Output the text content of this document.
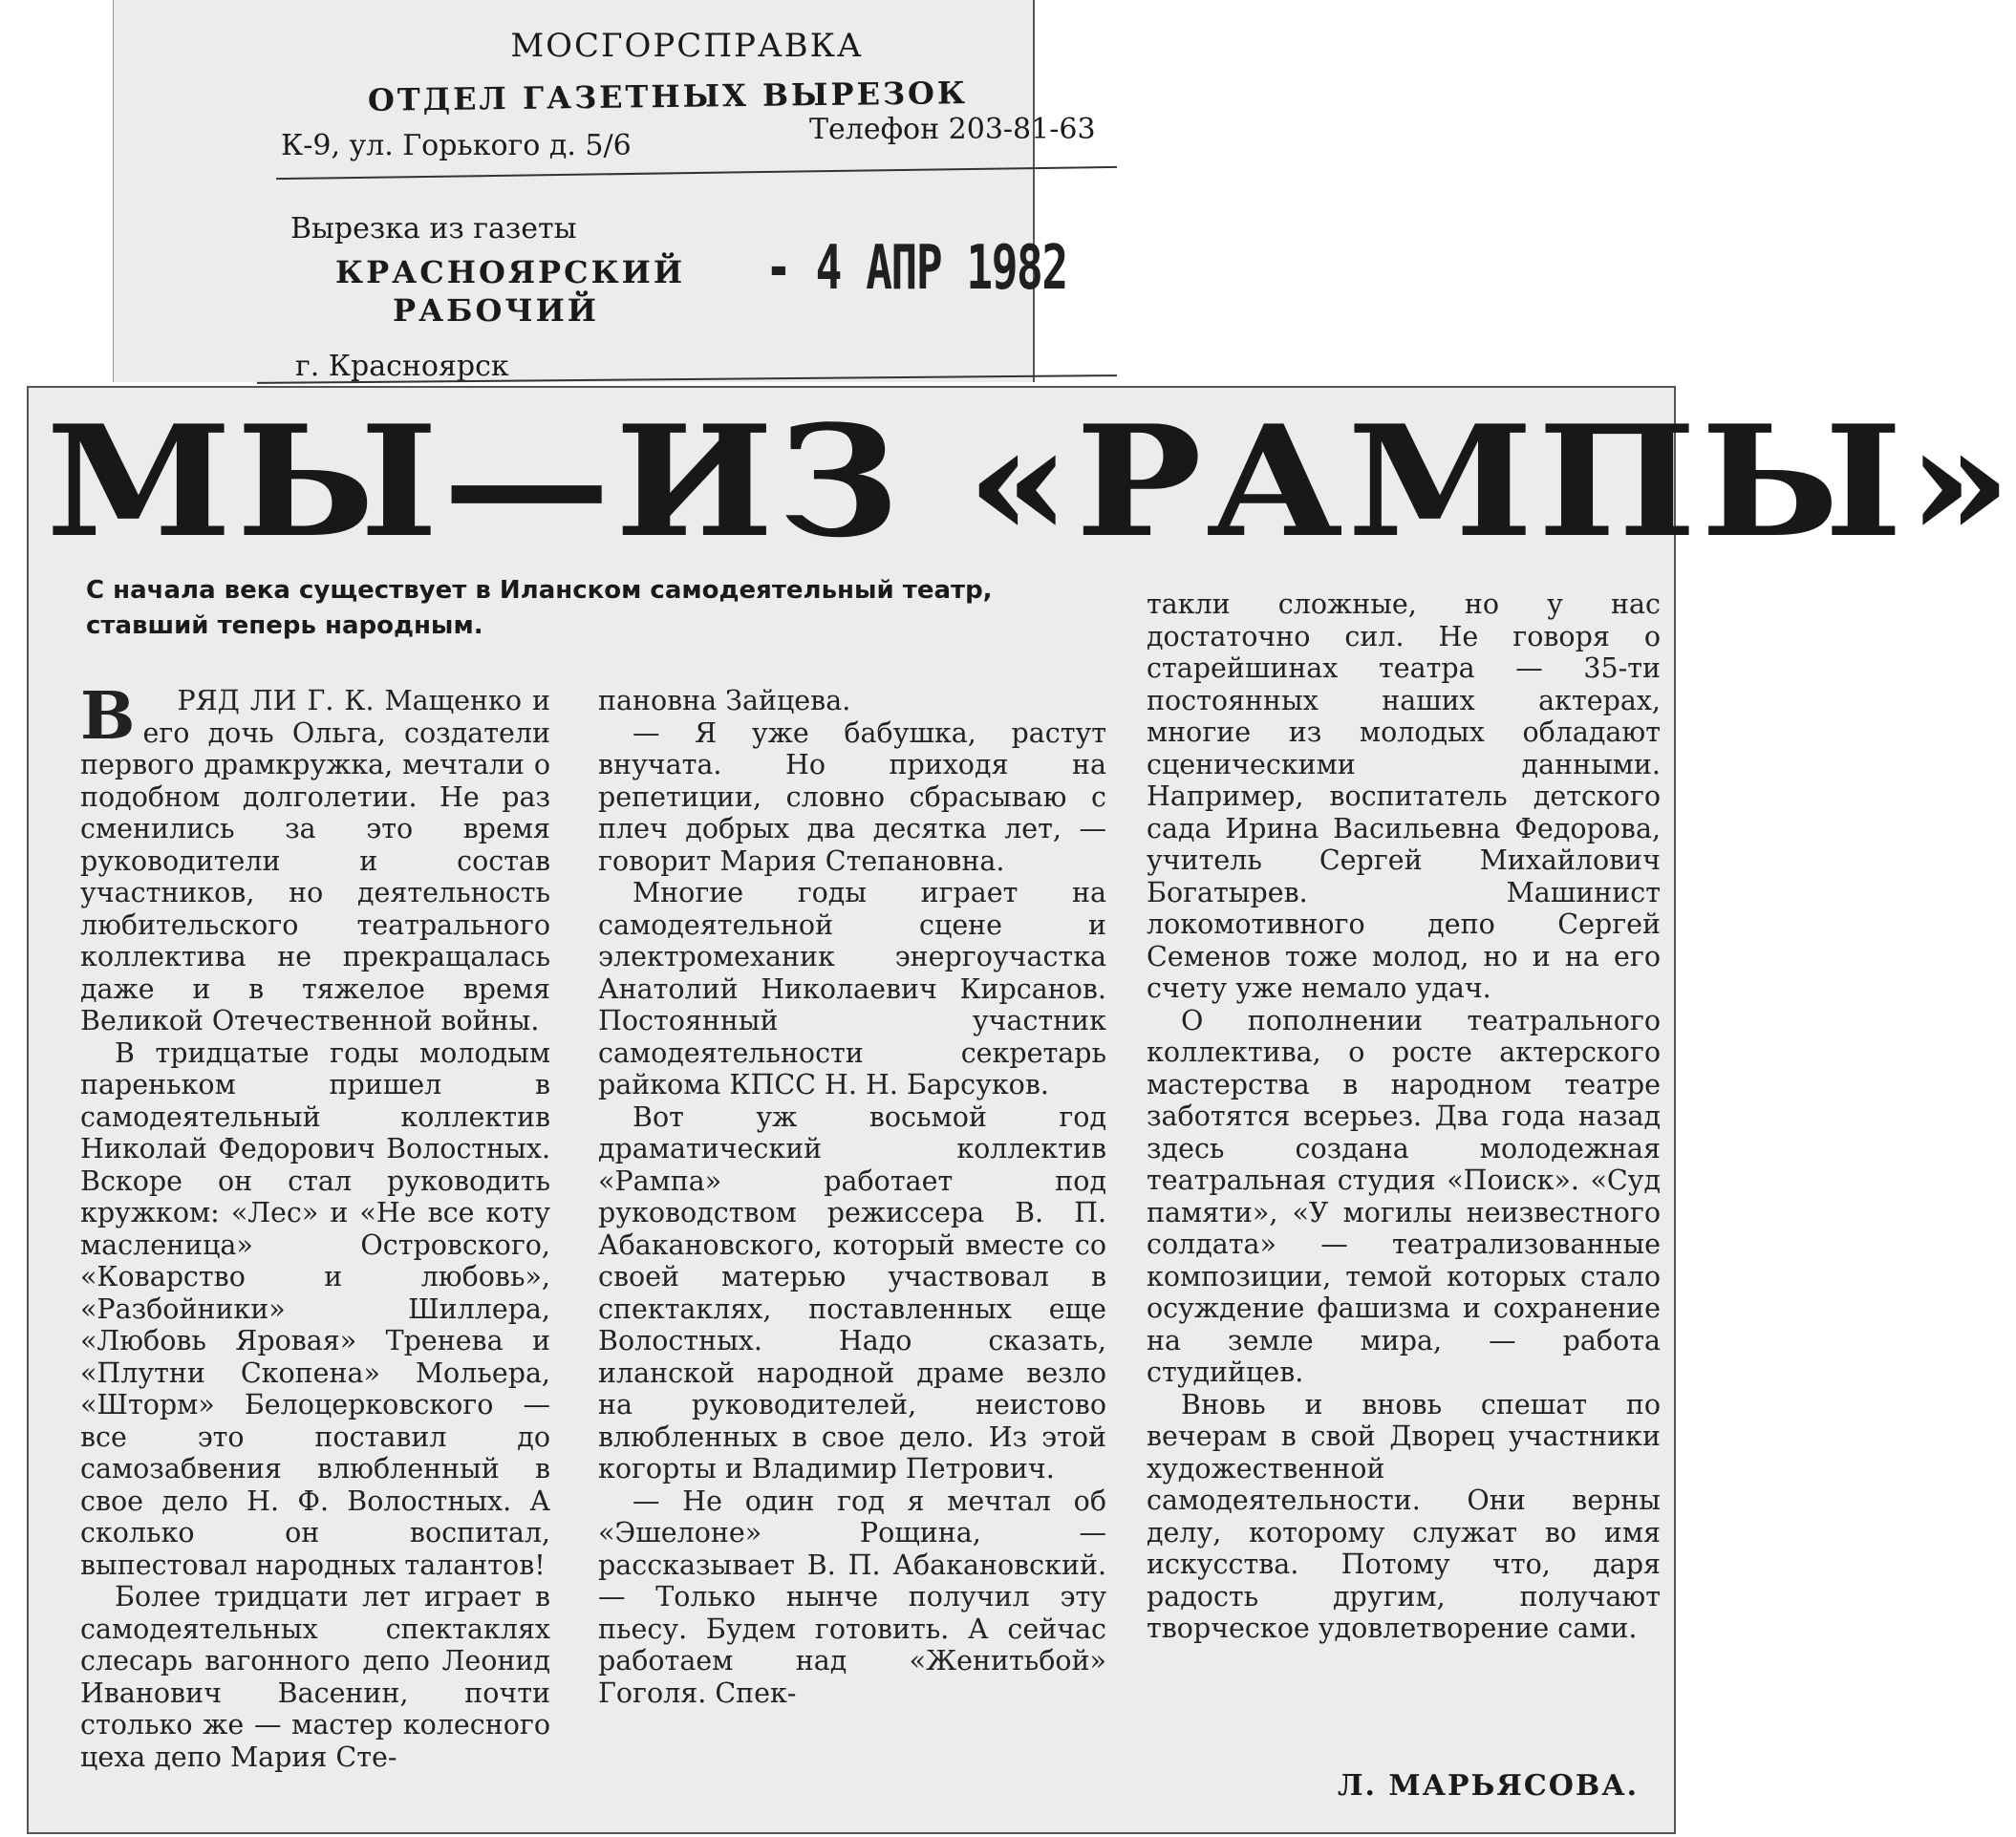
МОСГОРСПРАВКА
ОТДЕЛ ГАЗЕТНЫХ ВЫРЕЗОК
К-9, ул. Горького д. 5/6	Телефон 203-81-63
Вырезка из газеты
КРАСНОЯРСКИЙ
РАБОЧИЙ
- 4 АПР 1982
г. Красноярск
МЫ—ИЗ «РАМПЫ»
С начала века существует в Иланском самодеятельный театр, ставший теперь народным.

В РЯД ЛИ Г. К. Мащенко и его дочь Ольга, создатели первого драмкружка, мечтали о подобном долголетии. Не раз сменились за это время руководители и состав участников, но деятельность любительского театрального коллектива не прекращалась даже и в тяжелое время Великой Отечественной войны.

В тридцатые годы молодым пареньком пришел в самодеятельный коллектив Николай Федорович Волостных. Вскоре он стал руководить кружком: «Лес» и «Не все коту масленица» Островского, «Коварство и любовь», «Разбойники» Шиллера, «Любовь Яровая» Тренева и «Плутни Скопена» Мольера, «Шторм» Белоцерковского — все это поставил до самозабвения влюбленный в свое дело Н. Ф. Волостных. А сколько он воспитал, выпестовал народных талантов!

Более тридцати лет играет в самодеятельных спектаклях слесарь вагонного депо Леонид Иванович Васенин, почти столько же — мастер колесного цеха депо Мария Сте-

пановна Зайцева.

— Я уже бабушка, растут внучата. Но приходя на репетиции, словно сбрасываю с плеч добрых два десятка лет, — говорит Мария Степановна.

Многие годы играет на самодеятельной сцене и электромеханик энергоучастка Анатолий Николаевич Кирсанов. Постоянный участник самодеятельности секретарь райкома КПСС Н. Н. Барсуков.

Вот уж восьмой год драматический коллектив «Рампа» работает под руководством режиссера В. П. Абакановского, который вместе со своей матерью участвовал в спектаклях, поставленных еще Волостных. Надо сказать, иланской народной драме везло на руководителей, неистово влюбленных в свое дело. Из этой когорты и Владимир Петрович.

— Не один год я мечтал об «Эшелоне» Рощина, — рассказывает В. П. Абакановский. — Только нынче получил эту пьесу. Будем готовить. А сейчас работаем над «Женитьбой» Гоголя. Спек-

такли сложные, но у нас достаточно сил. Не говоря о старейшинах театра — 35-ти постоянных наших актерах, многие из молодых обладают сценическими данными. Например, воспитатель детского сада Ирина Васильевна Федорова, учитель Сергей Михайлович Богатырев. Машинист локомотивного депо Сергей Семенов тоже молод, но и на его счету уже немало удач.

О пополнении театрального коллектива, о росте актерского мастерства в народном театре заботятся всерьез. Два года назад здесь создана молодежная театральная студия «Поиск». «Суд памяти», «У могилы неизвестного солдата» — театрализованные композиции, темой которых стало осуждение фашизма и сохранение на земле мира, — работа студийцев.

Вновь и вновь спешат по вечерам в свой Дворец участники художественной самодеятельности. Они верны делу, которому служат во имя искусства. Потому что, даря радость другим, получают творческое удовлетворение сами.

Л. МАРЬЯСОВА.
